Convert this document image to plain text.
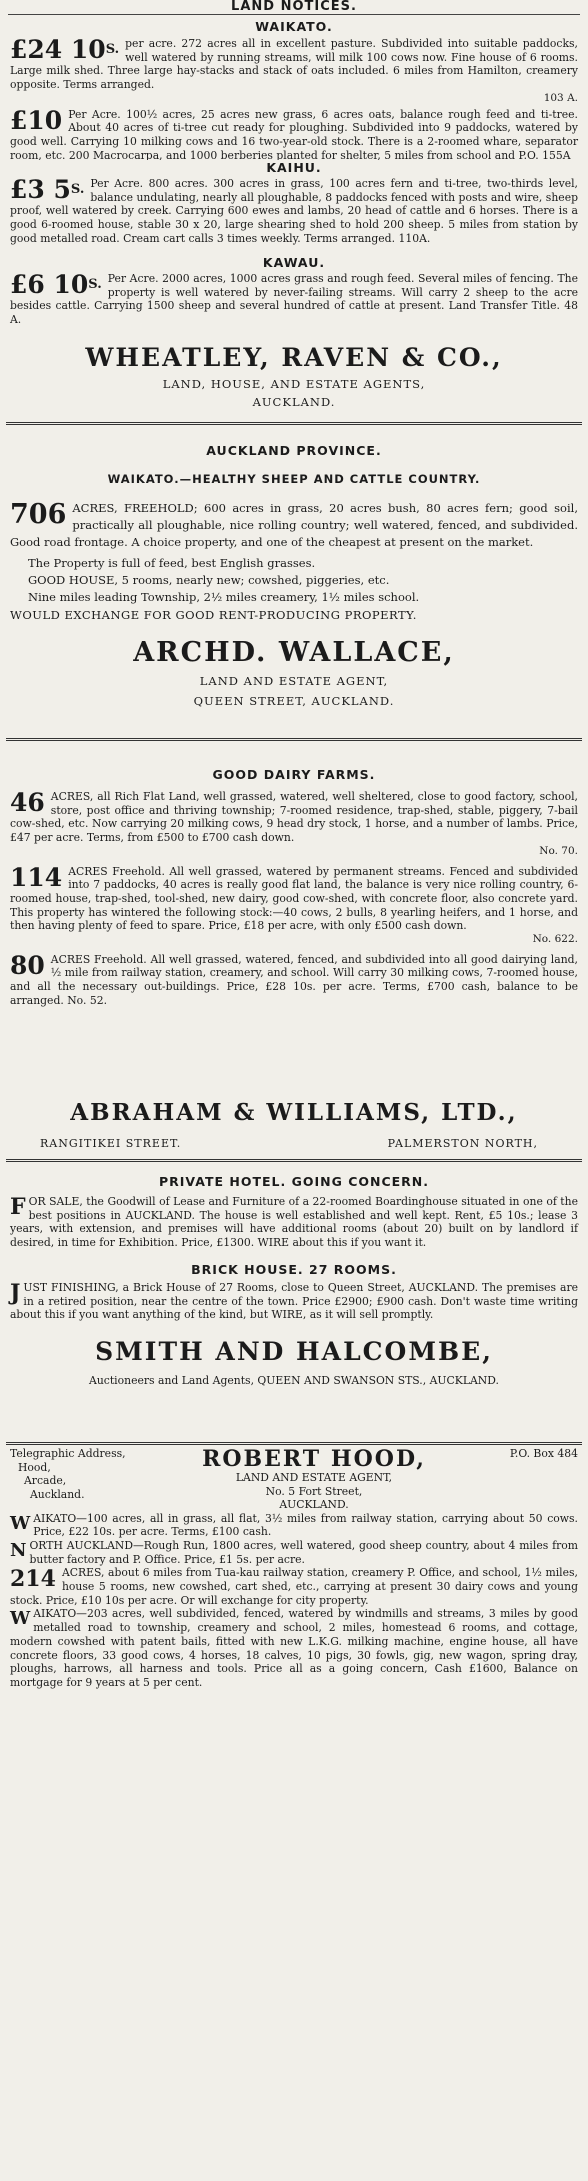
LAND NOTICES.

WAIKATO.

£24 $10^{S.}$ per acre. 272 acres all in excellent pasture. Subdivided into suitable paddocks, well watered by running streams, will milk 100 cows now. Fine house of 6 rooms. Large milk shed. Three large hay-stacks and stack of oats included. 6 miles from Hamilton, creamery opposite. Terms arranged.

103 A.
£10 Per Acre. 100½ acres, 25 acres new grass, 6 acres oats, balance rough feed and ti-tree. About 40 acres of ti-tree cut ready for ploughing. Subdivided into 9 paddocks, watered by good well. Carrying 10 milking cows and 16 two-year-old stock. There is a 2-roomed whare, separator room, etc. 200 Macrocarpa, and 1000 berberies planted for shelter, 5 miles from school and P.O. 155A

KAIHU.

£3 $5^{S.}$ Per Acre. 800 acres. 300 acres in grass, 100 acres fern and ti-tree, two-thirds level, balance undulating, nearly all ploughable, 8 paddocks fenced with posts and wire, sheep proof, well watered by creek. Carrying 600 ewes and lambs, 20 head of cattle and 6 horses. There is a good 6-roomed house, stable 30 x 20, large shearing shed to hold 200 sheep. 5 miles from station by good metalled road. Cream cart calls 3 times weekly. Terms arranged. 110A.

KAWAU.

£6 $10^{S.}$ Per Acre. 2000 acres, 1000 acres grass and rough feed. Several miles of fencing. The property is well watered by never-failing streams. Will carry 2 sheep to the acre besides cattle. Carrying 1500 sheep and several hundred of cattle at present. Land Transfer Title. 48 A.

WHEATLEY, RAVEN & CO.,

LAND, HOUSE, AND ESTATE AGENTS,

AUCKLAND.

AUCKLAND PROVINCE.

WAIKATO.—HEALTHY SHEEP AND CATTLE COUNTRY.

706 ACRES, FREEHOLD; 600 acres in grass, 20 acres bush, 80 acres fern; good soil, practically all ploughable, nice rolling country; well watered, fenced, and subdivided. Good road frontage. A choice property, and one of the cheapest at present on the market.

The Property is full of feed, best English grasses.

GOOD HOUSE, 5 rooms, nearly new; cowshed, piggeries, etc.

Nine miles leading Township, 2½ miles creamery, 1½ miles school.

WOULD EXCHANGE FOR GOOD RENT-PRODUCING PROPERTY.

ARCHD. WALLACE,

LAND AND ESTATE AGENT,

QUEEN STREET, AUCKLAND.

GOOD DAIRY FARMS.

46 ACRES, all Rich Flat Land, well grassed, watered, well sheltered, close to good factory, school, store, post office and thriving township; 7-roomed residence, trap-shed, stable, piggery, 7-bail cow-shed, etc. Now carrying 20 milking cows, 9 head dry stock, 1 horse, and a number of lambs. Price, £47 per acre. Terms, from £500 to £700 cash down.

No. 70.
114 ACRES Freehold. All well grassed, watered by permanent streams. Fenced and subdivided into 7 paddocks, 40 acres is really good flat land, the balance is very nice rolling country, 6-roomed house, trap-shed, tool-shed, new dairy, good cow-shed, with concrete floor, also concrete yard. This property has wintered the following stock:—40 cows, 2 bulls, 8 yearling heifers, and 1 horse, and then having plenty of feed to spare. Price, £18 per acre, with only £500 cash down.

No. 622.
80 ACRES Freehold. All well grassed, watered, fenced, and subdivided into all good dairying land, ½ mile from railway station, creamery, and school. Will carry 30 milking cows, 7-roomed house, and all the necessary out-buildings. Price, £28 10s. per acre. Terms, £700 cash, balance to be arranged. No. 52.

ABRAHAM & WILLIAMS, LTD.,

RANGITIKEI STREET.	PALMERSTON NORTH,

PRIVATE HOTEL. GOING CONCERN.

F OR SALE, the Goodwill of Lease and Furniture of a 22-roomed Boardinghouse situated in one of the best positions in AUCKLAND. The house is well established and well kept. Rent, £5 10s.; lease 3 years, with extension, and premises will have additional rooms (about 20) built on by landlord if desired, in time for Exhibition. Price, £1300. WIRE about this if you want it.

BRICK HOUSE. 27 ROOMS.

J UST FINISHING, a Brick House of 27 Rooms, close to Queen Street, AUCKLAND. The premises are in a retired position, near the centre of the town. Price £2900; £900 cash. Don't waste time writing about this if you want anything of the kind, but WIRE, as it will sell promptly.

SMITH AND HALCOMBE,

Auctioneers and Land Agents, QUEEN AND SWANSON STS., AUCKLAND.

Telegraphic Address,
Hood,
Arcade,
Auckland.
ROBERT HOOD,
LAND AND ESTATE AGENT,
No. 5 Fort Street,
AUCKLAND.
P.O. Box 484
W AIKATO—100 acres, all in grass, all flat, 3½ miles from railway station, carrying about 50 cows. Price, £22 10s. per acre. Terms, £100 cash.

N ORTH AUCKLAND—Rough Run, 1800 acres, well watered, good sheep country, about 4 miles from butter factory and P. Office. Price, £1 5s. per acre.

214 ACRES, about 6 miles from Tua-kau railway station, creamery P. Office, and school, 1½ miles, house 5 rooms, new cowshed, cart shed, etc., carrying at present 30 dairy cows and young stock. Price, £10 10s per acre. Or will exchange for city property.

W AIKATO—203 acres, well subdivided, fenced, watered by windmills and streams, 3 miles by good metalled road to township, creamery and school, 2 miles, homestead 6 rooms, and cottage, modern cowshed with patent bails, fitted with new L.K.G. milking machine, engine house, all have concrete floors, 33 good cows, 4 horses, 18 calves, 10 pigs, 30 fowls, gig, new wagon, spring dray, ploughs, harrows, all harness and tools. Price all as a going concern, Cash £1600, Balance on mortgage for 9 years at 5 per cent.
